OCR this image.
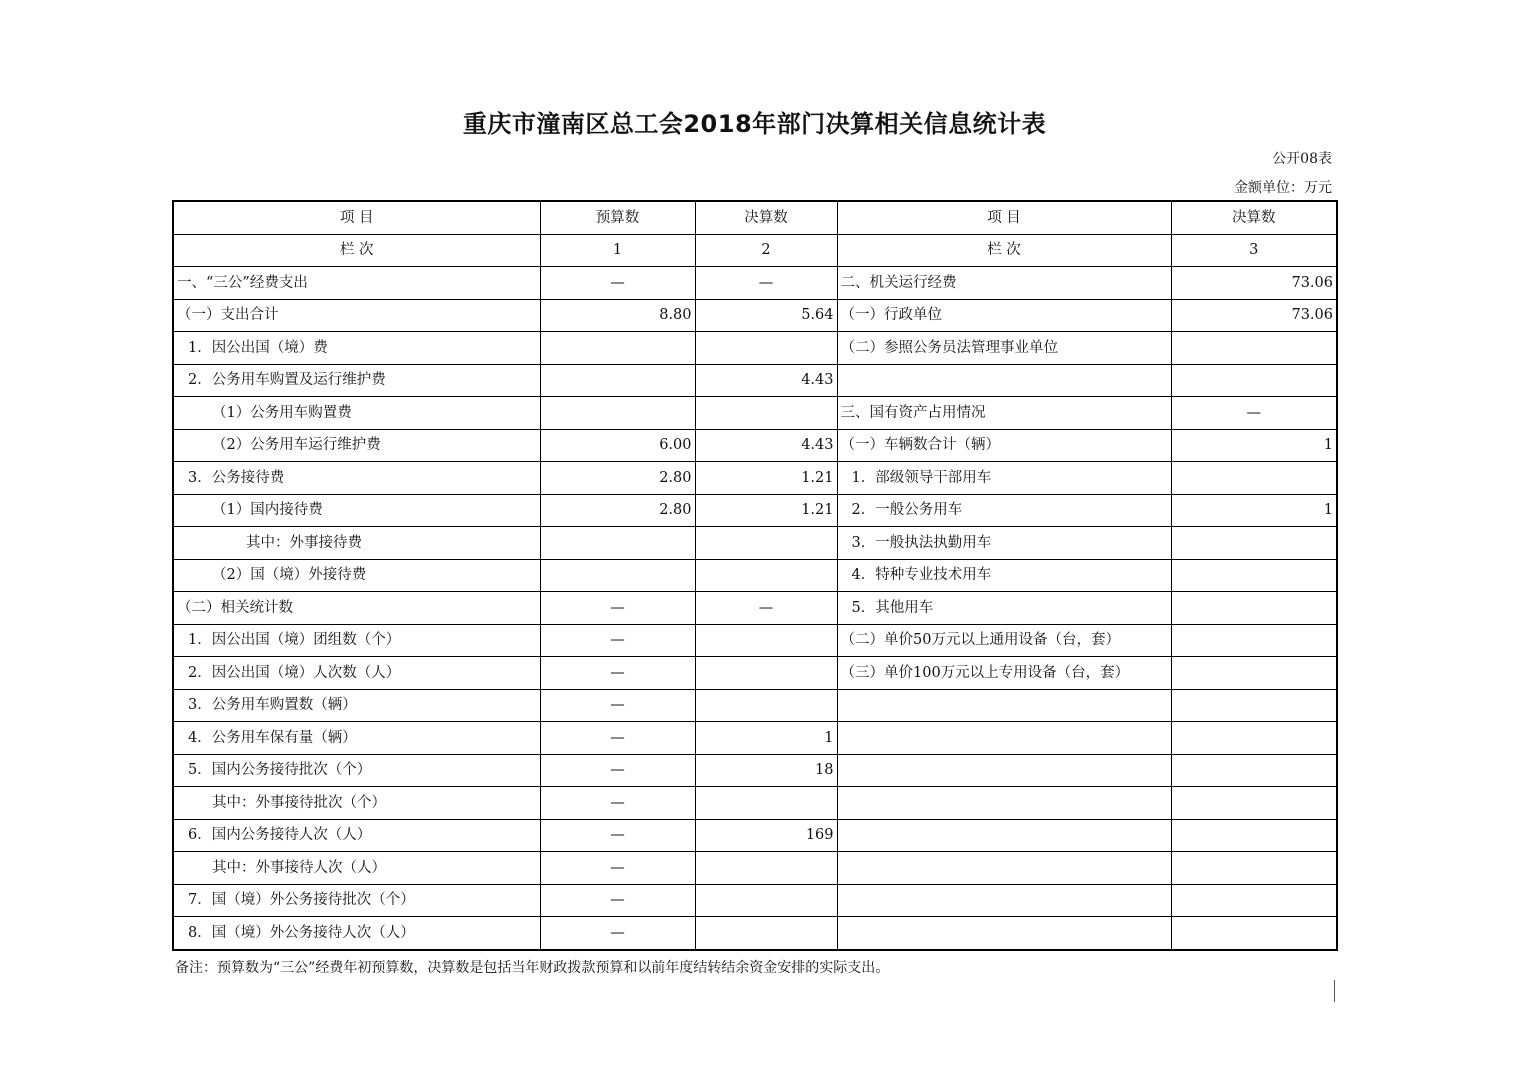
重庆市潼南区总工会2018年部门决算相关信息统计表
公开08表
金额单位：万元
项 目	预算数	决算数	项 目	决算数
栏 次	1	2	栏 次	3
一、“三公”经费支出	—	—	二、机关运行经费	73.06
（一）支出合计	8.80	5.64	（一）行政单位	73.06
1．因公出国（境）费			（二）参照公务员法管理事业单位	
2．公务用车购置及运行维护费		4.43		
（1）公务用车购置费			三、国有资产占用情况	—
（2）公务用车运行维护费	6.00	4.43	（一）车辆数合计（辆）	1
3．公务接待费	2.80	1.21	1．部级领导干部用车	
（1）国内接待费	2.80	1.21	2．一般公务用车	1
其中：外事接待费			3．一般执法执勤用车	
（2）国（境）外接待费			4．特种专业技术用车	
（二）相关统计数	—	—	5．其他用车	
1．因公出国（境）团组数（个）	—		（二）单价50万元以上通用设备（台，套）	
2．因公出国（境）人次数（人）	—		（三）单价100万元以上专用设备（台，套）	
3．公务用车购置数（辆）	—			
4．公务用车保有量（辆）	—	1		
5．国内公务接待批次（个）	—	18		
其中：外事接待批次（个）	—			
6．国内公务接待人次（人）	—	169		
其中：外事接待人次（人）	—			
7．国（境）外公务接待批次（个）	—			
8．国（境）外公务接待人次（人）	—			
备注：预算数为“三公”经费年初预算数，决算数是包括当年财政拨款预算和以前年度结转结余资金安排的实际支出。
